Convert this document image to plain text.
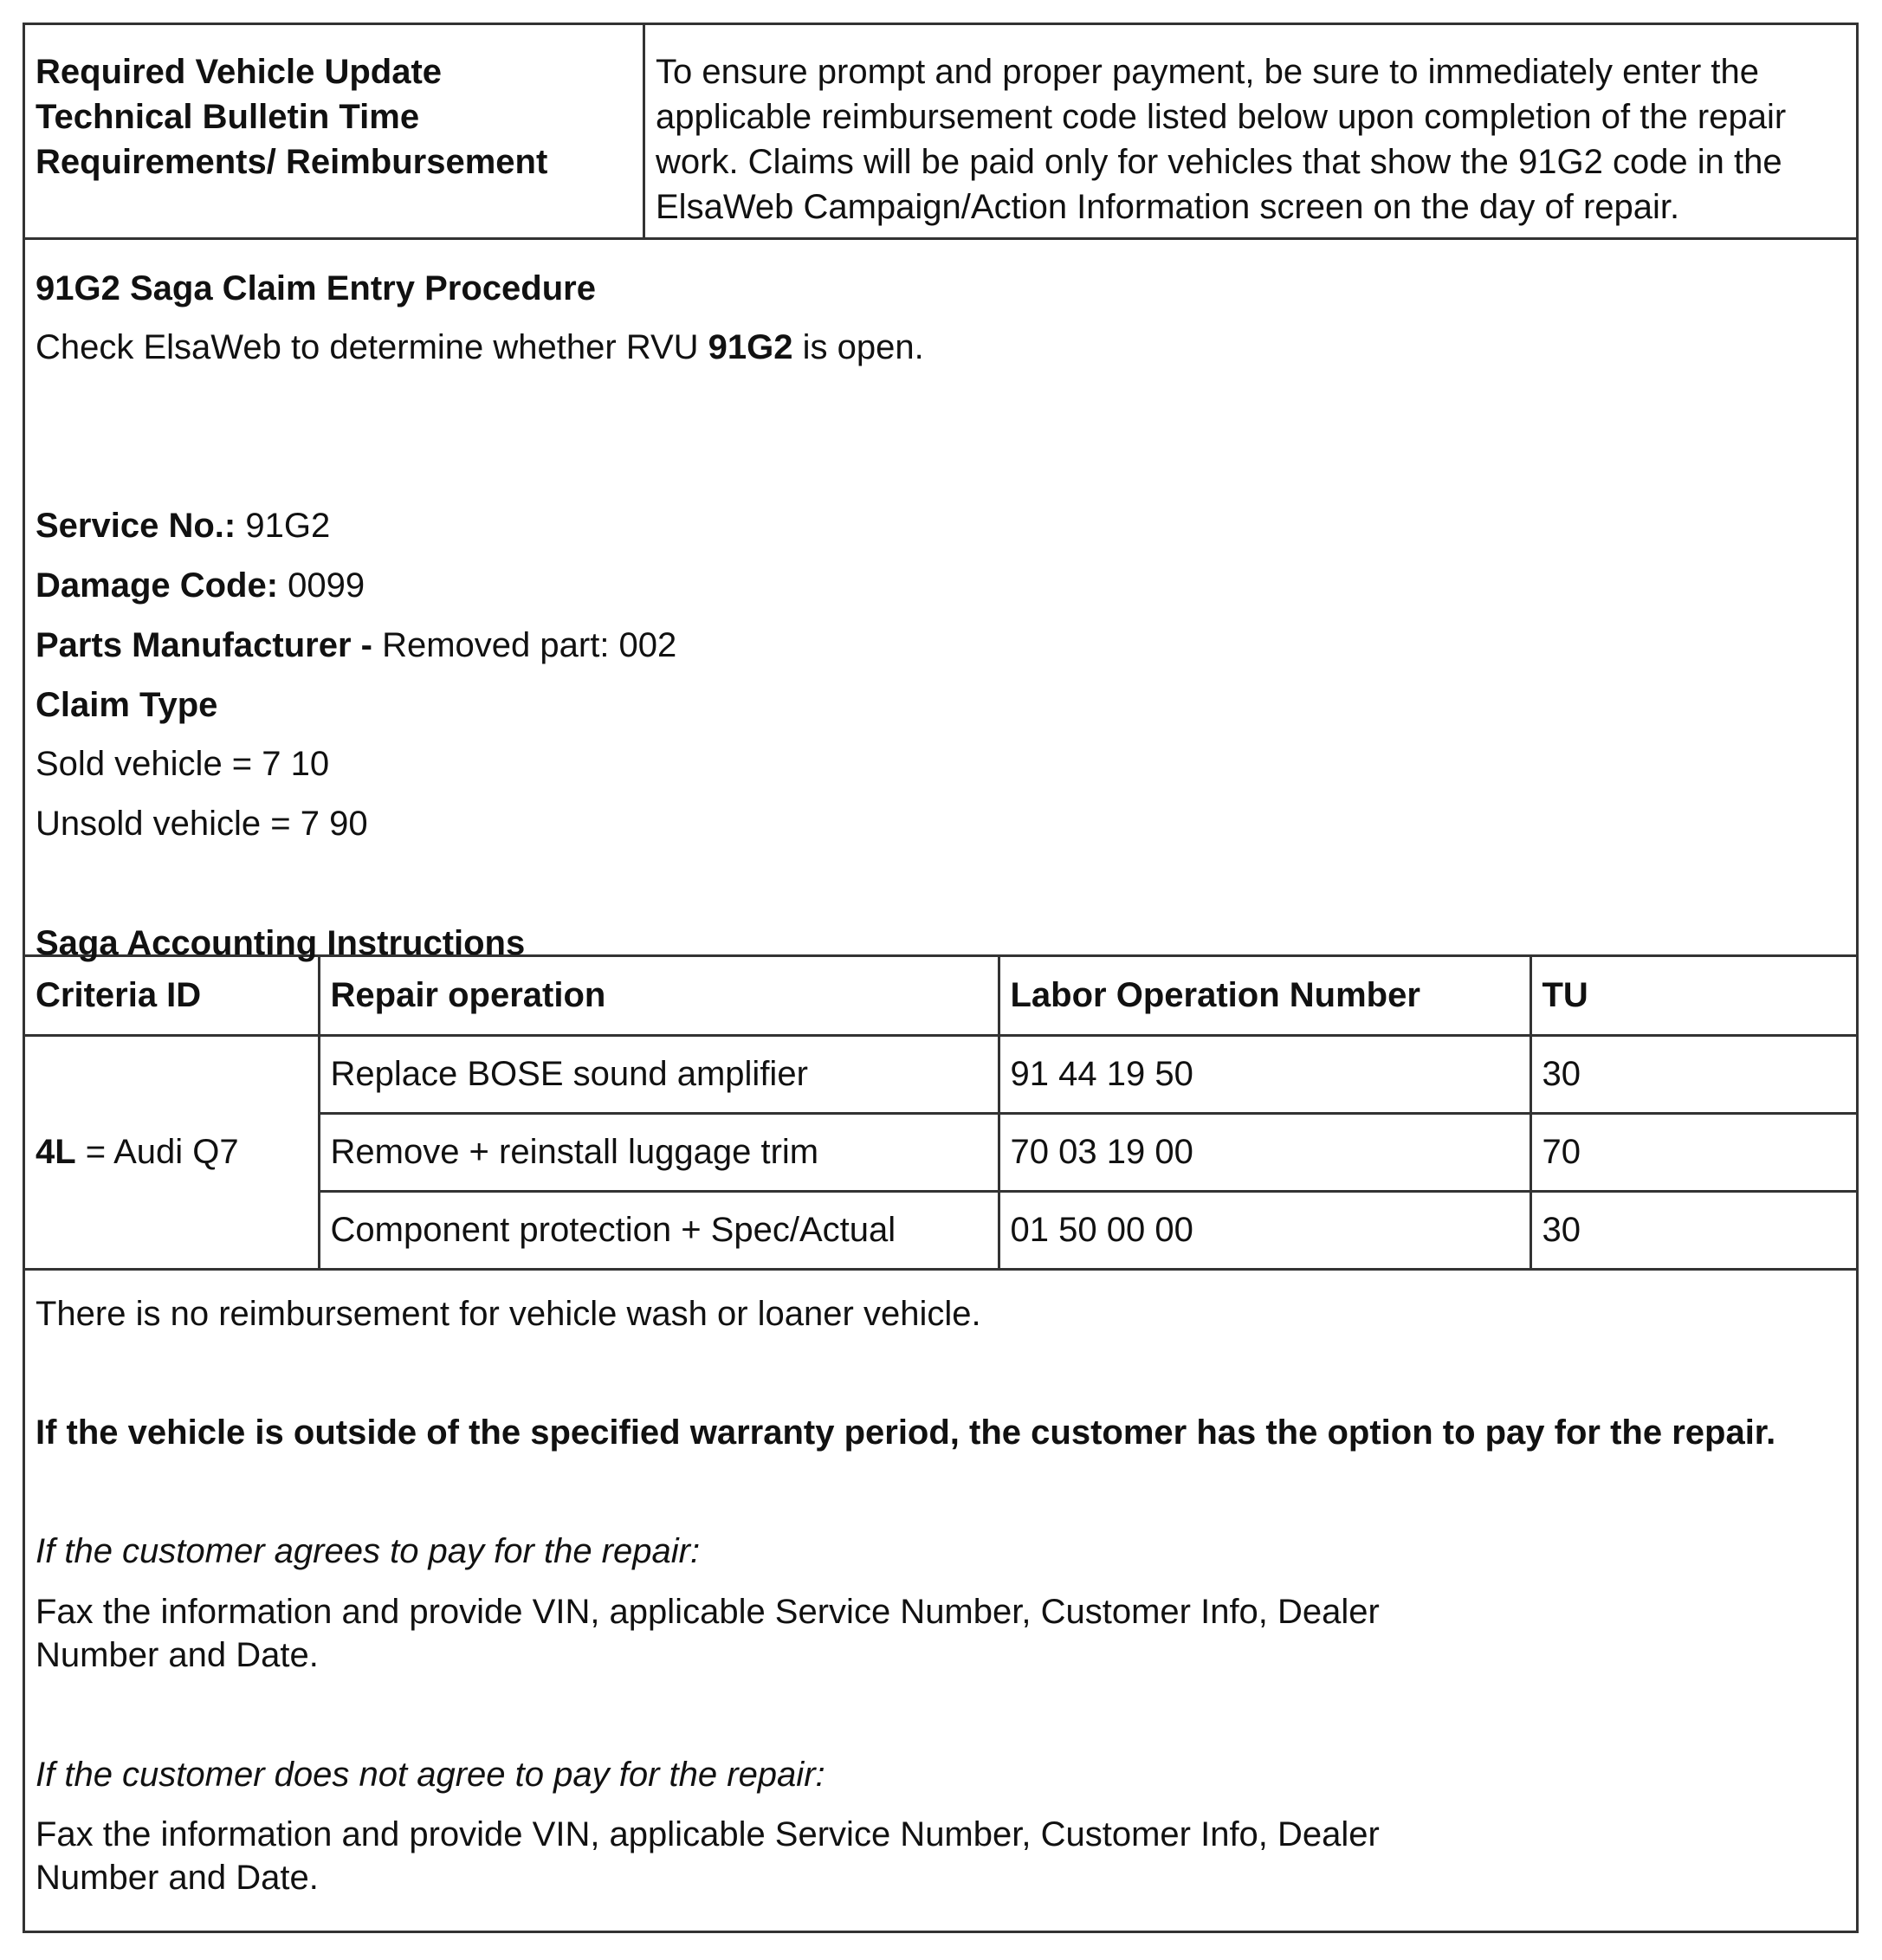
Required Vehicle Update
Technical Bulletin Time
Requirements/ Reimbursement
To ensure prompt and proper payment, be sure to immediately enter the
applicable reimbursement code listed below upon completion of the repair
work. Claims will be paid only for vehicles that show the 91G2 code in the
ElsaWeb Campaign/Action Information screen on the day of repair.
91G2 Saga Claim Entry Procedure
Check ElsaWeb to determine whether RVU 91G2 is open.
Service No.: 91G2
Damage Code: 0099
Parts Manufacturer - Removed part: 002
Claim Type
Sold vehicle = 7 10
Unsold vehicle = 7 90
Saga Accounting Instructions
Criteria ID	Repair operation	Labor Operation Number	TU
4L = Audi Q7	Replace BOSE sound amplifier	91 44 19 50	30
	Remove + reinstall luggage trim	70 03 19 00	70
	Component protection + Spec/Actual	01 50 00 00	30
There is no reimbursement for vehicle wash or loaner vehicle.
If the vehicle is outside of the specified warranty period, the customer has the option to pay for the repair.
If the customer agrees to pay for the repair:
Fax the information and provide VIN, applicable Service Number, Customer Info, Dealer
Number and Date.
If the customer does not agree to pay for the repair:
Fax the information and provide VIN, applicable Service Number, Customer Info, Dealer
Number and Date.
